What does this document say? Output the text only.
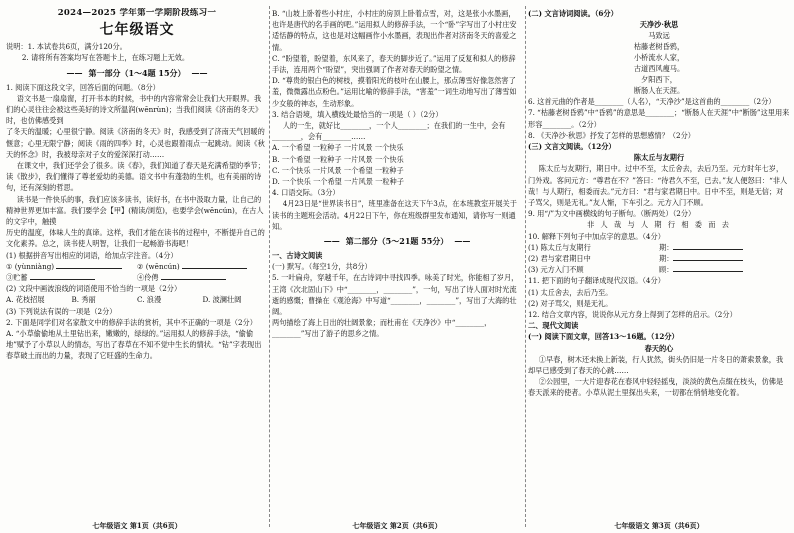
2024—2025 学年第一学期阶段练习一
七年级语文

说明：1. 本试卷共6页，满分120分。

2. 请将所有答案均写在答题卡上，在练习题上无效。

—— 第一部分（1～4题 15分） ——

1. 阅读下面这段文字，回答后面的问题。（8分）

语文书是一扇扇窗，打开书本的时候，书中的内容常常会让我们大开眼界。我们的心灵往往会被这些美好的诗文所温润(wēnrùn)；当我们阅读《济南的冬天》时，也仿佛感受到

了冬天的温暖；心里很宁静。阅读《济南的冬天》时，我感受到了济南天气回暖的惬意；心里无限宁静；阅读《雨的四季》时，心灵也跟着雨点一起跳动。阅读《秋天的怀念》时，我被母亲对子女的爱深深打动……

在课文中，我们还学会了很多。读《春》，我们知道了春天是充满希望的季节；读《散步》，我们懂得了尊老爱幼的美德。语文书中有蓬勃的生机，也有美丽的诗句，还有深刻的哲思。

读书是一件快乐的事，我们应该多读书，读好书，在书中汲取力量，让自己的精神世界更加丰富。我们要学会【甲】(精读/浏览)，也要学会(wēncún)，在古人的文字中，触摸

历史的温度，体味人生的真谛。这样，我们才能在读书的过程中，不断提升自己的文化素养。总之，读书使人明智，让我们一起畅游书海吧！

(1) 根据拼音写出相应的词语，给加点字注音。（4分）

① (yùnniàng)	② (wēncún)
③贮蓄	④伶俜

(2) 文段中画波浪线的词语使用不恰当的一项是（2分）

A. 花枝招展	B. 秀丽	C. 浪漫	D. 波澜壮阔

(3) 下列说法有误的一项是（2分）

2. 下面是同学们对名家散文中的修辞手法的赏析，其中不正确的一项是（2分）

A. “小草偷偷地从土里钻出来，嫩嫩的，绿绿的。”运用拟人的修辞手法，“偷偷地”赋予了小草以人的情态，写出了春草在不知不觉中生长的情状。“钻”字表现出春草破土而出的力量，表现了它旺盛的生命力。

B. “山坡上卧着些小村庄，小村庄的房顶上卧着点雪，对，这是张小水墨画，也许是唐代的名手画的吧。”运用拟人的修辞手法，一个“卧”字写出了小村庄安适恬静的特点，这也是对这幅画作小水墨画，表现出作者对济南冬天的喜爱之情。

C. “盼望着，盼望着，东风来了，春天的脚步近了。”运用了反复和拟人的修辞手法，连用两个“盼望”，突出强调了作者对春天的盼望之情。

D. “尊贵的银白色的树枝，摸着阳光的枝叶在山腰上，那点薄雪好像忽然害了羞，微微露出点粉色。”运用比喻的修辞手法，“害羞”一词生动地写出了薄雪如少女般的神态，生动形象。

3. 结合语境，填入横线处最恰当的一项是（ ）（2分）

人的一生，就好比________，一个人________；在我们的一生中，会有________，会有________……

A. 一个希望 一粒种子 一片风景 一个快乐

B. 一个希望 一粒种子 一片风景 一个快乐

C. 一个快乐 一片风景 一个希望 一粒种子

D. 一个快乐 一个希望 一片风景 一粒种子

4. 口语交际。（3分）

4月23日是“世界读书日”，班里准备在这天下午3点，在本班教室开展关于读书的主题班会活动。4月22日下午，你在班级群里发布通知，请你写一则通知。

—— 第二部分（5～21题 55分） ——

一、古诗文阅读

(一) 默写。（每空1分，共8分）

5. 一叶扁舟，穿越千年，在古诗词中寻找四季。咏美了时光，你能相了岁月，王湾《次北固山下》中“________，________”，一句，写出了诗人面对时光流逝的感慨；曹操在《观沧海》中写道“________，________”，写出了大海的壮阔。

两句描绘了海上日出的壮阔景象；而杜甫在《天净沙》中“________，________”写出了游子的思乡之情。

(二) 文言诗词阅读。（6分）

天净沙·秋思
马致远
枯藤老树昏鸦，
小桥流水人家，
古道西风瘦马。
夕阳西下，
断肠人在天涯。

6. 这首元曲的作者是________（人名），“天净沙”是这首曲的________（2分）

7. “枯藤老树昏鸦”中“昏鸦”的意思是________；“断肠人在天涯”中“断肠”这里用来形容________。（2分）

8. 《天净沙·秋思》抒发了怎样的思想感情？（2分）

(三) 文言文阅读。（12分）

陈太丘与友期行

陈太丘与友期行，期日中。过中不至，太丘舍去，去后乃至。元方时年七岁，门外戏。客问元方：“尊君在不？”答曰：“待君久不至，已去。”友人便怒曰：“非人哉！与人期行，相委而去。”元方曰：“君与家君期日中。日中不至，则是无信；对子骂父，则是无礼。”友人惭，下车引之。元方入门不顾。

9. 用“/”为文中画横线的句子断句。（断两处）（2分）

非 人 哉 与 人 期 行 相 委 而 去

10. 解释下列句子中加点字的意思。（4分）

(1) 陈太丘与友期行	期：
(2) 君与家君期日中	期：
(3) 元方入门不顾	顾：

11. 把下面的句子翻译成现代汉语。（4分）

(1) 太丘舍去，去后乃至。

(2) 对子骂父，则是无礼。

12. 结合文章内容，说说你从元方身上得到了怎样的启示。（2分）

二、现代文阅读

(一) 阅读下面文章，回答13～16题。（12分）

春天的心

①早春，树木还未换上新装，行人犹然，街头仍旧是一片冬日的萧索景象，我却早已感受到了春天的心跳……

②公园里，一大片迎春花在春风中轻轻摇曳，淡淡的黄色点缀在枝头，仿佛是春天派来的使者。小草从泥土里探出头来，一切都在悄悄地变化着。

七年级语文 第1页（共6页）	七年级语文 第2页（共6页）	七年级语文 第3页（共6页）
